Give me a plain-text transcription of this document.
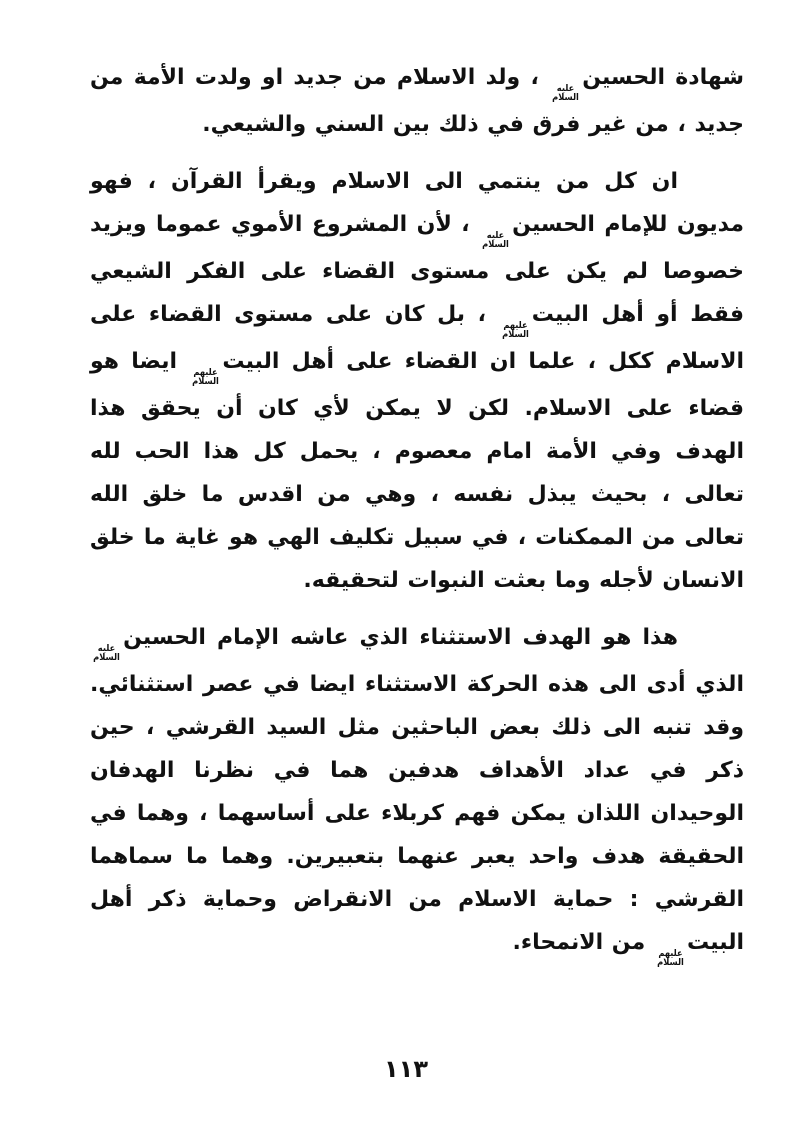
شهادة الحسين
عليه
السلام
، ولد الاسلام من جديد او ولدت الأمة من جديد ، من غير فرق في ذلك بين السني والشيعي.

ان كل من ينتمي الى الاسلام ويقرأ القرآن ، فهو مديون للإمام الحسين
عليه
السلام
، لأن المشروع الأموي عموما ويزيد خصوصا لم يكن على مستوى القضاء على الفكر الشيعي فقط أو أهل البيت
عليهم
السلام
، بل كان على مستوى القضاء على الاسلام ككل ، علما ان القضاء على أهل البيت
عليهم
السلام
ايضا هو قضاء على الاسلام. لكن لا يمكن لأي كان أن يحقق هذا الهدف وفي الأمة امام معصوم ، يحمل كل هذا الحب لله تعالى ، بحيث يبذل نفسه ، وهي من اقدس ما خلق الله تعالى من الممكنات ، في سبيل تكليف الهي هو غاية ما خلق الانسان لأجله وما بعثت النبوات لتحقيقه.

هذا هو الهدف الاستثناء الذي عاشه الإمام الحسين
عليه
السلام
الذي أدى الى هذه الحركة الاستثناء ايضا في عصر استثنائي. وقد تنبه الى ذلك بعض الباحثين مثل السيد القرشي ، حين ذكر في عداد الأهداف هدفين هما في نظرنا الهدفان الوحيدان اللذان يمكن فهم كربلاء على أساسهما ، وهما في الحقيقة هدف واحد يعبر عنهما بتعبيرين. وهما ما سماهما القرشي : حماية الاسلام من الانقراض وحماية ذكر أهل البيت
عليهم
السلام
من الانمحاء.

١١٣
